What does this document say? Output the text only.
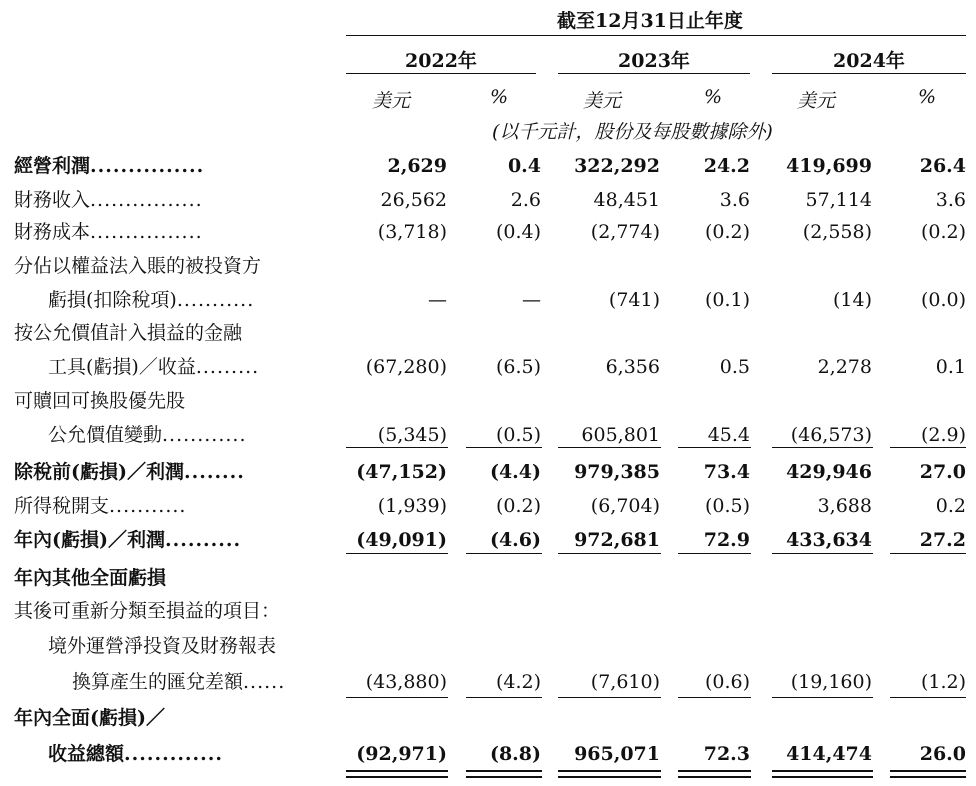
截至12月31日止年度
2022年	2023年	2024年
美元	%	美元	%	美元	%
(以千元計，股份及每股數據除外)
經營利潤...............	2,629	0.4	322,292	24.2	419,699	26.4
財務收入................	26,562	2.6	48,451	3.6	57,114	3.6
財務成本................	(3,718)	(0.4)	(2,774)	(0.2)	(2,558)	(0.2)
分佔以權益法入賬的被投資方
虧損(扣除稅項)...........	—	—	(741)	(0.1)	(14)	(0.0)
按公允價值計入損益的金融
工具(虧損)／收益.........	(67,280)	(6.5)	6,356	0.5	2,278	0.1
可贖回可換股優先股
公允價值變動............	(5,345)	(0.5)	605,801	45.4	(46,573)	(2.9)
除稅前(虧損)／利潤........	(47,152)	(4.4)	979,385	73.4	429,946	27.0
所得稅開支...........	(1,939)	(0.2)	(6,704)	(0.5)	3,688	0.2
年內(虧損)／利潤..........	(49,091)	(4.6)	972,681	72.9	433,634	27.2
年內其他全面虧損
其後可重新分類至損益的項目：
境外運營淨投資及財務報表
換算產生的匯兌差額......	(43,880)	(4.2)	(7,610)	(0.6)	(19,160)	(1.2)
年內全面(虧損)／
收益總額.............	(92,971)	(8.8)	965,071	72.3	414,474	26.0
